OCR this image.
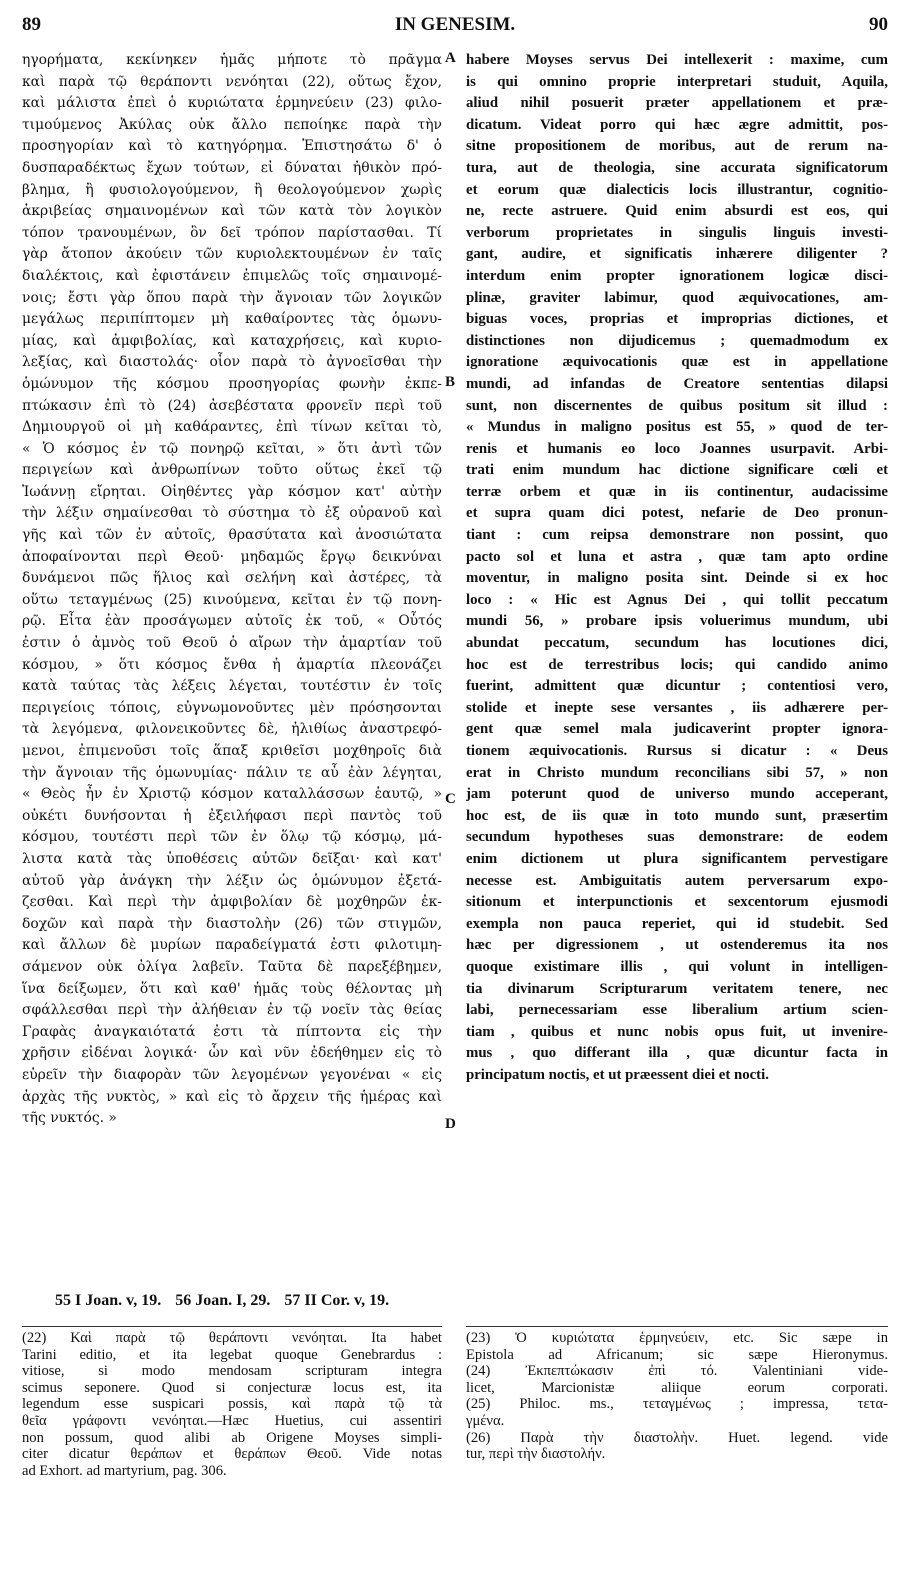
89	IN GENESIM.	90
ηγορήματα, κεκίνηκεν ἡμᾶς μήποτε τὸ πρᾶγμα
καὶ παρὰ τῷ θεράποντι νενόηται (22), οὕτως ἔχον,
καὶ μάλιστα ἐπεὶ ὁ κυριώτατα ἑρμηνεύειν (23) φιλο-
τιμούμενος Ἀκύλας οὐκ ἄλλο πεποίηκε παρὰ τὴν
προσηγορίαν καὶ τὸ κατηγόρημα. Ἐπιστησάτω δ' ὁ
δυσπαραδέκτως ἔχων τούτων, εἰ δύναται ἠθικὸν πρό-
βλημα, ἢ φυσιολογούμενον, ἢ θεολογούμενον χωρὶς
ἀκριβείας σημαινομένων καὶ τῶν κατὰ τὸν λογικὸν
τόπον τρανουμένων, ὃν δεῖ τρόπον παρίστασθαι. Τί
γὰρ ἄτοπον ἀκούειν τῶν κυριολεκτουμένων ἐν ταῖς
διαλέκτοις, καὶ ἐφιστάνειν ἐπιμελῶς τοῖς σημαινομέ-
νοις; ἔστι γὰρ ὅπου παρὰ τὴν ἄγνοιαν τῶν λογικῶν
μεγάλως περιπίπτομεν μὴ καθαίροντες τὰς ὁμωνυ-
μίας, καὶ ἀμφιβολίας, καὶ καταχρήσεις, καὶ κυριο-
λεξίας, καὶ διαστολάς· οἷον παρὰ τὸ ἀγνοεῖσθαι τὴν
ὁμώνυμον τῆς κόσμου προσηγορίας φωνὴν ἐκπε-
πτώκασιν ἐπὶ τὸ (24) ἀσεβέστατα φρονεῖν περὶ τοῦ
Δημιουργοῦ οἱ μὴ καθάραντες, ἐπὶ τίνων κεῖται τὸ,
« Ὁ κόσμος ἐν τῷ πονηρῷ κεῖται, » ὅτι ἀντὶ τῶν
περιγείων καὶ ἀνθρωπίνων τοῦτο οὕτως ἐκεῖ τῷ
Ἰωάννῃ εἴρηται. Οἰηθέντες γὰρ κόσμον κατ' αὐτὴν
τὴν λέξιν σημαίνεσθαι τὸ σύστημα τὸ ἐξ οὐρανοῦ καὶ
γῆς καὶ τῶν ἐν αὐτοῖς, θρασύτατα καὶ ἀνοσιώτατα
ἀποφαίνονται περὶ Θεοῦ· μηδαμῶς ἔργῳ δεικνύναι
δυνάμενοι πῶς ἥλιος καὶ σελήνη καὶ ἀστέρες, τὰ
οὕτω τεταγμένως (25) κινούμενα, κεῖται ἐν τῷ πονη-
ρῷ. Εἶτα ἐὰν προσάγωμεν αὐτοῖς ἐκ τοῦ, « Οὗτός
ἐστιν ὁ ἀμνὸς τοῦ Θεοῦ ὁ αἴρων τὴν ἁμαρτίαν τοῦ
κόσμου, » ὅτι κόσμος ἔνθα ἡ ἁμαρτία πλεονάζει
κατὰ ταύτας τὰς λέξεις λέγεται, τουτέστιν ἐν τοῖς
περιγείοις τόποις, εὐγνωμονοῦντες μὲν πρόσησονται
τὰ λεγόμενα, φιλονεικοῦντες δὲ, ἠλιθίως ἀναστρεφό-
μενοι, ἐπιμενοῦσι τοῖς ἅπαξ κριθεῖσι μοχθηροῖς διὰ
τὴν ἄγνοιαν τῆς ὁμωνυμίας· πάλιν τε αὖ ἐὰν λέγηται,
« Θεὸς ἦν ἐν Χριστῷ κόσμον καταλλάσσων ἑαυτῷ, »
οὐκέτι δυνήσονται ἡ ἐξειλήφασι περὶ παντὸς τοῦ
κόσμου, τουτέστι περὶ τῶν ἐν ὅλῳ τῷ κόσμῳ, μά-
λιστα κατὰ τὰς ὑποθέσεις αὐτῶν δεῖξαι· καὶ κατ'
αὐτοῦ γὰρ ἀνάγκη τὴν λέξιν ὡς ὁμώνυμον ἐξετά-
ζεσθαι. Καὶ περὶ τὴν ἀμφιβολίαν δὲ μοχθηρῶν ἐκ-
δοχῶν καὶ παρὰ τὴν διαστολὴν (26) τῶν στιγμῶν,
καὶ ἄλλων δὲ μυρίων παραδείγματά ἐστι φιλοτιμη-
σάμενον οὐκ ὀλίγα λαβεῖν. Ταῦτα δὲ παρεξέβημεν,
ἵνα δείξωμεν, ὅτι καὶ καθ' ἡμᾶς τοὺς θέλοντας μὴ
σφάλλεσθαι περὶ τὴν ἀλήθειαν ἐν τῷ νοεῖν τὰς θείας
Γραφὰς ἀναγκαιότατά ἐστι τὰ πίπτοντα εἰς τὴν
χρῆσιν εἰδέναι λογικά· ὧν καὶ νῦν ἐδεήθημεν εἰς τὸ
εὑρεῖν τὴν διαφορὰν τῶν λεγομένων γεγονέναι « εἰς
ἀρχὰς τῆς νυκτὸς, » καὶ εἰς τὸ ἄρχειν τῆς ἡμέρας καὶ
τῆς νυκτός. »
habere Moyses servus Dei intellexerit : maxime, cum
is qui omnino proprie interpretari studuit, Aquila,
aliud nihil posuerit præter appellationem et præ-
dicatum. Videat porro qui hæc ægre admittit, pos-
sitne propositionem de moribus, aut de rerum na-
tura, aut de theologia, sine accurata significatorum
et eorum quæ dialecticis locis illustrantur, cognitio-
ne, recte astruere. Quid enim absurdi est eos, qui
verborum proprietates in singulis linguis investi-
gant, audire, et significatis inhærere diligenter ?
interdum enim propter ignorationem logicæ disci-
plinæ, graviter labimur, quod æquivocationes, am-
biguas voces, proprias et improprias dictiones, et
distinctiones non dijudicemus ; quemadmodum ex
ignoratione æquivocationis quæ est in appellatione
mundi, ad infandas de Creatore sententias dilapsi
sunt, non discernentes de quibus positum sit illud :
« Mundus in maligno positus est 55, » quod de ter-
renis et humanis eo loco Joannes usurpavit. Arbi-
trati enim mundum hac dictione significare cœli et
terræ orbem et quæ in iis continentur, audacissime
et supra quam dici potest, nefarie de Deo pronun-
tiant : cum reipsa demonstrare non possint, quo
pacto sol et luna et astra , quæ tam apto ordine
moventur, in maligno posita sint. Deinde si ex hoc
loco : « Hic est Agnus Dei , qui tollit peccatum
mundi 56, » probare ipsis voluerimus mundum, ubi
abundat peccatum, secundum has locutiones dici,
hoc est de terrestribus locis; qui candido animo
fuerint, admittent quæ dicuntur ; contentiosi vero,
stolide et inepte sese versantes , iis adhærere per-
gent quæ semel mala judicaverint propter ignora-
tionem æquivocationis. Rursus si dicatur : « Deus
erat in Christo mundum reconcilians sibi 57, » non
jam poterunt quod de universo mundo acceperant,
hoc est, de iis quæ in toto mundo sunt, præsertim
secundum hypotheses suas demonstrare: de eodem
enim dictionem ut plura significantem pervestigare
necesse est. Ambiguitatis autem perversarum expo-
sitionum et interpunctionis et sexcentorum ejusmodi
exempla non pauca reperiet, qui id studebit. Sed
hæc per digressionem , ut ostenderemus ita nos
quoque existimare illis , qui volunt in intelligen-
tia divinarum Scripturarum veritatem tenere, nec
labi, pernecessariam esse liberalium artium scien-
tiam , quibus et nunc nobis opus fuit, ut invenire-
mus , quo differant illa , quæ dicuntur facta in
principatum noctis, et ut præessent diei et nocti.
A
B
C
D
55 I Joan. v, 19. 56 Joan. I, 29. 57 II Cor. v, 19.
(22) Καὶ παρὰ τῷ θεράποντι νενόηται. Ita habet
Tarini editio, et ita legebat quoque Genebrardus :
vitiose, si modo mendosam scripturam integra
scimus seponere. Quod si conjecturæ locus est, ita
legendum esse suspicari possis, καὶ παρὰ τῷ τὰ
θεῖα γράφοντι νενόηται.—Hæc Huetius, cui assentiri
non possum, quod alibi ab Origene Moyses simpli-
citer dicatur θεράπων et θεράπων Θεοῦ. Vide notas
ad Exhort. ad martyrium, pag. 306.
(23) Ὁ κυριώτατα ἑρμηνεύειν, etc. Sic sæpe in
Epistola ad Africanum; sic sæpe Hieronymus.
(24) Ἐκπεπτώκασιν ἐπὶ τό. Valentiniani vide-
licet, Marcionistæ aliique eorum corporati.
(25) Philoc. ms., τεταγμένως ; impressa, τετα-
γμένα.
(26) Παρὰ τὴν διαστολὴν. Huet. legend. vide
tur, περὶ τὴν διαστολήν.
